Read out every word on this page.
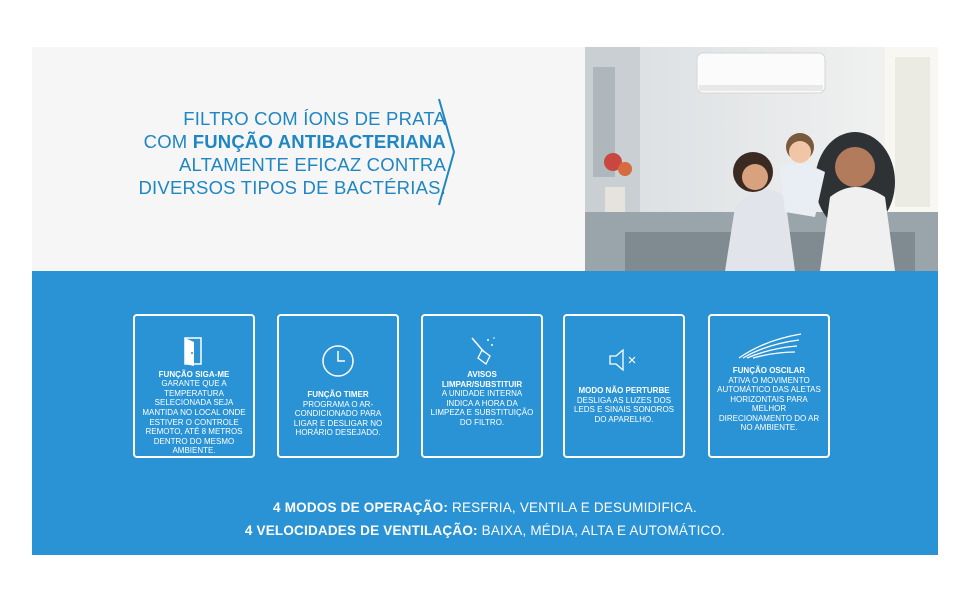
FILTRO COM ÍONS DE PRATA
COM FUNÇÃO ANTIBACTERIANA
ALTAMENTE EFICAZ CONTRA
DIVERSOS TIPOS DE BACTÉRIAS.
FUNÇÃO SIGA-ME
GARANTE QUE A TEMPERATURA SELECIONADA SEJA MANTIDA NO LOCAL ONDE ESTIVER O CONTROLE REMOTO, ATÉ 8 METROS DENTRO DO MESMO AMBIENTE.
FUNÇÃO TIMER
PROGRAMA O AR-CONDICIONADO PARA LIGAR E DESLIGAR NO HORÁRIO DESEJADO.
AVISOS LIMPAR/SUBSTITUIR
A UNIDADE INTERNA INDICA A HORA DA LIMPEZA E SUBSTITUIÇÃO DO FILTRO.
MODO NÃO PERTURBE
DESLIGA AS LUZES DOS LEDS E SINAIS SONOROS DO APARELHO.
FUNÇÃO OSCILAR
ATIVA O MOVIMENTO AUTOMÁTICO DAS ALETAS HORIZONTAIS PARA MELHOR DIRECIONAMENTO DO AR NO AMBIENTE.
4 MODOS DE OPERAÇÃO: RESFRIA, VENTILA E DESUMIDIFICA.
4 VELOCIDADES DE VENTILAÇÃO: BAIXA, MÉDIA, ALTA E AUTOMÁTICO.
